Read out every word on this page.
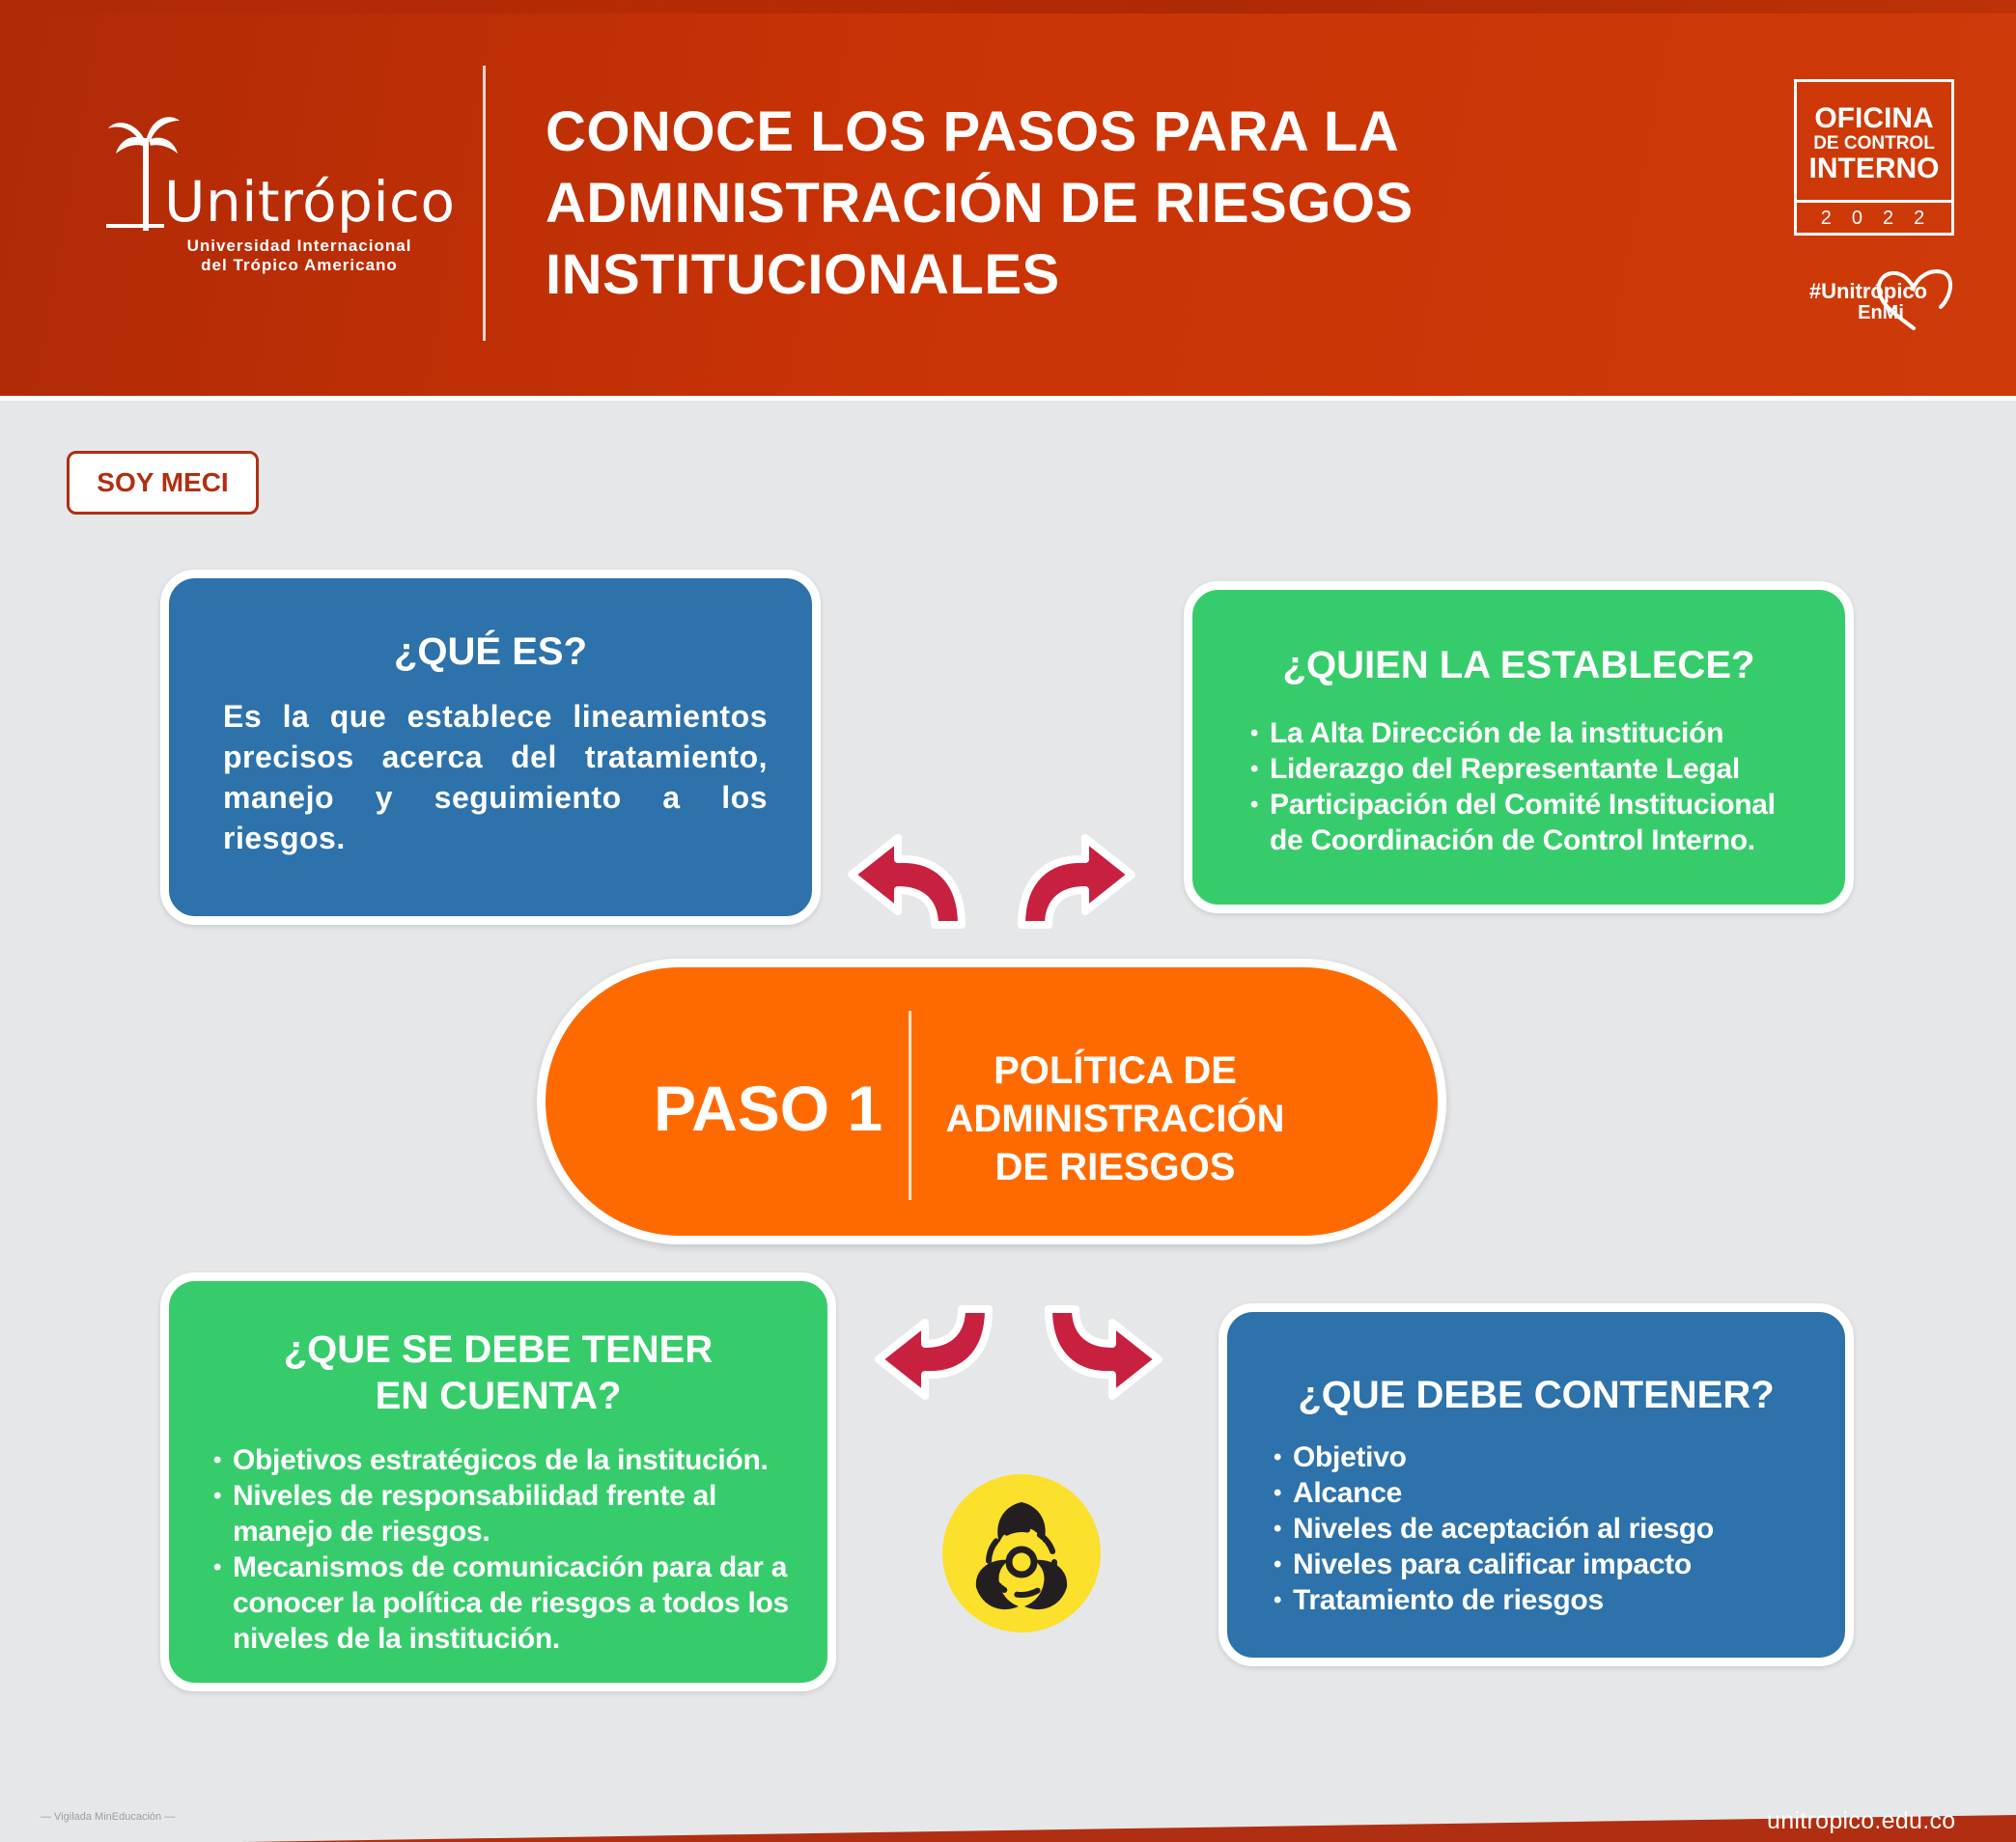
Unitrópico
Universidad Internacional
del Trópico Americano
CONOCE LOS PASOS PARA LA ADMINISTRACIÓN DE RIESGOS INSTITUCIONALES
OFICINA
DE CONTROL
INTERNO
2022
#Unitrópico
EnMi
SOY MECI
¿QUÉ ES?
Es la que establece lineamientos precisos acerca del tratamiento, manejo y seguimiento a los riesgos.
¿QUIEN LA ESTABLECE?
• La Alta Dirección de la institución
• Liderazgo del Representante Legal
• Participación del Comité Institucional de Coordinación de Control Interno.
PASO 1
POLÍTICA DE ADMINISTRACIÓN DE RIESGOS
¿QUE SE DEBE TENER
EN CUENTA?
• Objetivos estratégicos de la institución.
• Niveles de responsabilidad frente al manejo de riesgos.
• Mecanismos de comunicación para dar a conocer la política de riesgos a todos los niveles de la institución.
¿QUE DEBE CONTENER?
• Objetivo
• Alcance
• Niveles de aceptación al riesgo
• Niveles para calificar impacto
• Tratamiento de riesgos
— Vigilada MinEducación —	unitropico.edu.co
